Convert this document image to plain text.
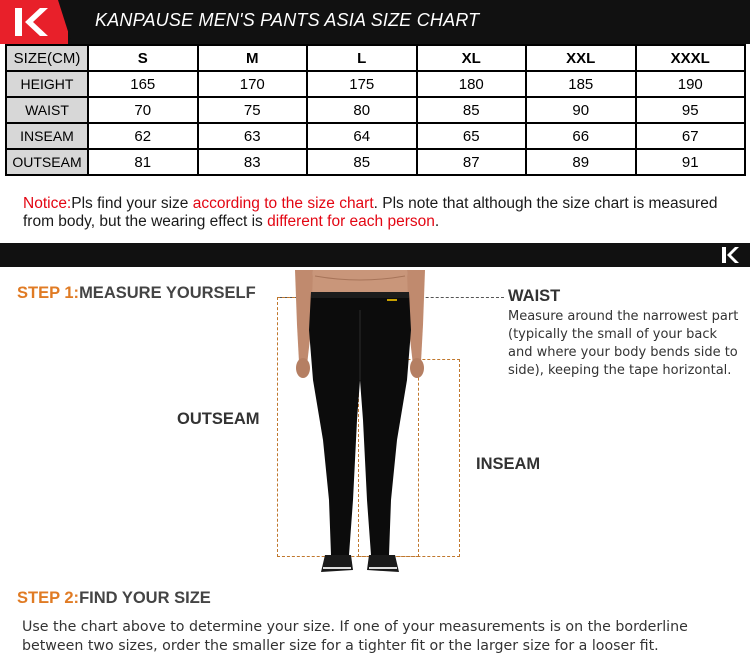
KANPAUSE MEN'S PANTS ASIA SIZE CHART
SIZE(CM)	S	M	L	XL	XXL	XXXL
HEIGHT	165	170	175	180	185	190
WAIST	70	75	80	85	90	95
INSEAM	62	63	64	65	66	67
OUTSEAM	81	83	85	87	89	91
Notice:Pls find your size according to the size chart. Pls note that although the size chart is measured from body, but the wearing effect is different for each person.
STEP 1:MEASURE YOURSELF	WAIST
Measure around the narrowest part (typically the small of your back and where your body bends side to side), keeping the tape horizontal.
OUTSEAM
INSEAM
STEP 2:FIND YOUR SIZE
Use the chart above to determine your size. If one of your measurements is on the borderline between two sizes, order the smaller size for a tighter fit or the larger size for a looser fit.
